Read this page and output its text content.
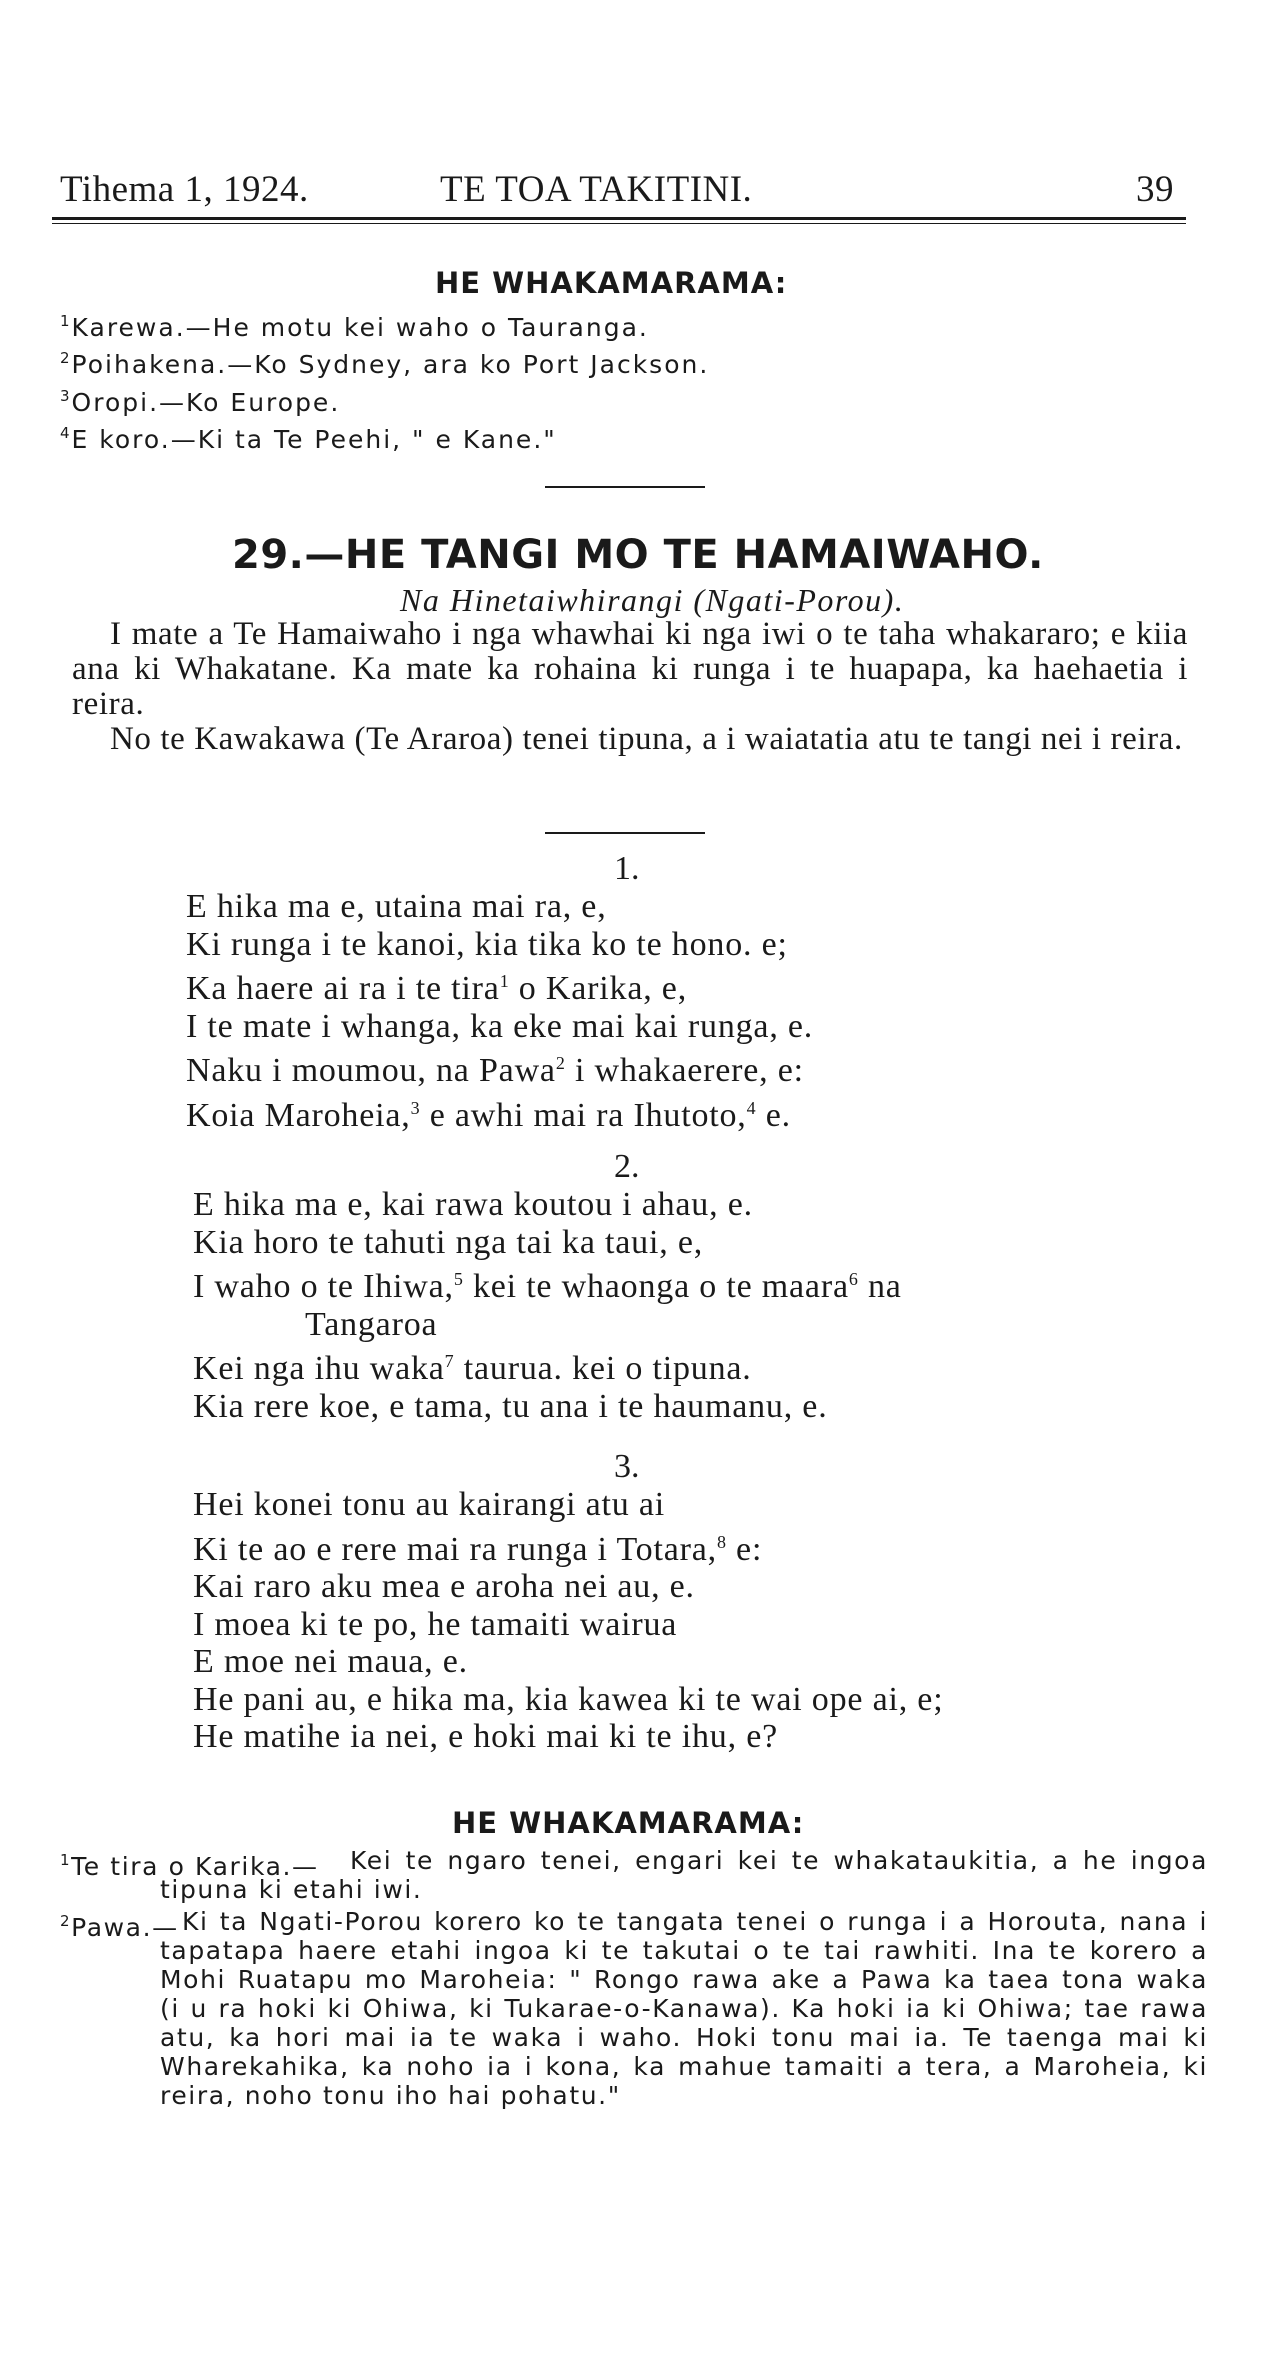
Tihema 1, 1924.	TE TOA TAKITINI.	39
HE WHAKAMARAMA:
$^1$Karewa.—He motu kei waho o Tauranga.
$^2$Poihakena.—Ko Sydney, ara ko Port Jackson.
$^3$Oropi.—Ko Europe.
$^4$E koro.—Ki ta Te Peehi, " e Kane."
29.—HE TANGI MO TE HAMAIWAHO.
Na Hinetaiwhirangi (Ngati-Porou).

I mate a Te Hamaiwaho i nga whawhai ki nga iwi o te taha whakararo; e kiia ana ki Whakatane. Ka mate ka rohaina ki runga i te huapapa, ka haehaetia i reira.

No te Kawakawa (Te Araroa) tenei tipuna, a i waiatatia atu te tangi nei i reira.

1.
E hika ma e, utaina mai ra, e,
Ki runga i te kanoi, kia tika ko te hono. e;
Ka haere ai ra i te tira$^1$ o Karika, e,
I te mate i whanga, ka eke mai kai runga, e.
Naku i moumou, na Pawa$^2$ i whakaerere, e:
Koia Maroheia,$^3$ e awhi mai ra Ihutoto,$^4$ e.
2.
E hika ma e, kai rawa koutou i ahau, e.
Kia horo te tahuti nga tai ka taui, e,
I waho o te Ihiwa,$^5$ kei te whaonga o te maara$^6$ na
Tangaroa
Kei nga ihu waka$^7$ taurua. kei o tipuna.
Kia rere koe, e tama, tu ana i te haumanu, e.
3.
Hei konei tonu au kairangi atu ai
Ki te ao e rere mai ra runga i Totara,$^8$ e:
Kai raro aku mea e aroha nei au, e.
I moea ki te po, he tamaiti wairua
E moe nei maua, e.
He pani au, e hika ma, kia kawea ki te wai ope ai, e;
He matihe ia nei, e hoki mai ki te ihu, e?
HE WHAKAMARAMA:
$^1$Te tira o Karika.— Kei te ngaro tenei, engari kei te whakataukitia, a he ingoa tipuna ki etahi iwi.
$^2$Pawa.— Ki ta Ngati-Porou korero ko te tangata tenei o runga i a Horouta, nana i tapatapa haere etahi ingoa ki te takutai o te tai rawhiti. Ina te korero a Mohi Ruatapu mo Maroheia: " Rongo rawa ake a Pawa ka taea tona waka (i u ra hoki ki Ohiwa, ki Tukarae-o-Kanawa). Ka hoki ia ki Ohiwa; tae rawa atu, ka hori mai ia te waka i waho. Hoki tonu mai ia. Te taenga mai ki Wharekahika, ka noho ia i kona, ka mahue tamaiti a tera, a Maroheia, ki reira, noho tonu iho hai pohatu."
